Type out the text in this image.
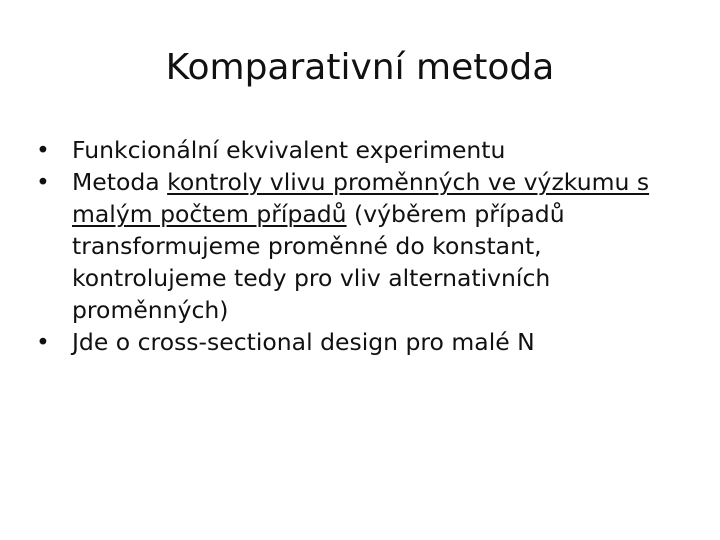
Komparativní metoda
• Funkcionální ekvivalent experimentu
• Metoda kontroly vlivu proměnných ve výzkumu s malým počtem případů (výběrem případů transformujeme proměnné do konstant, kontrolujeme tedy pro vliv alternativních proměnných)
• Jde o cross-sectional design pro malé N
